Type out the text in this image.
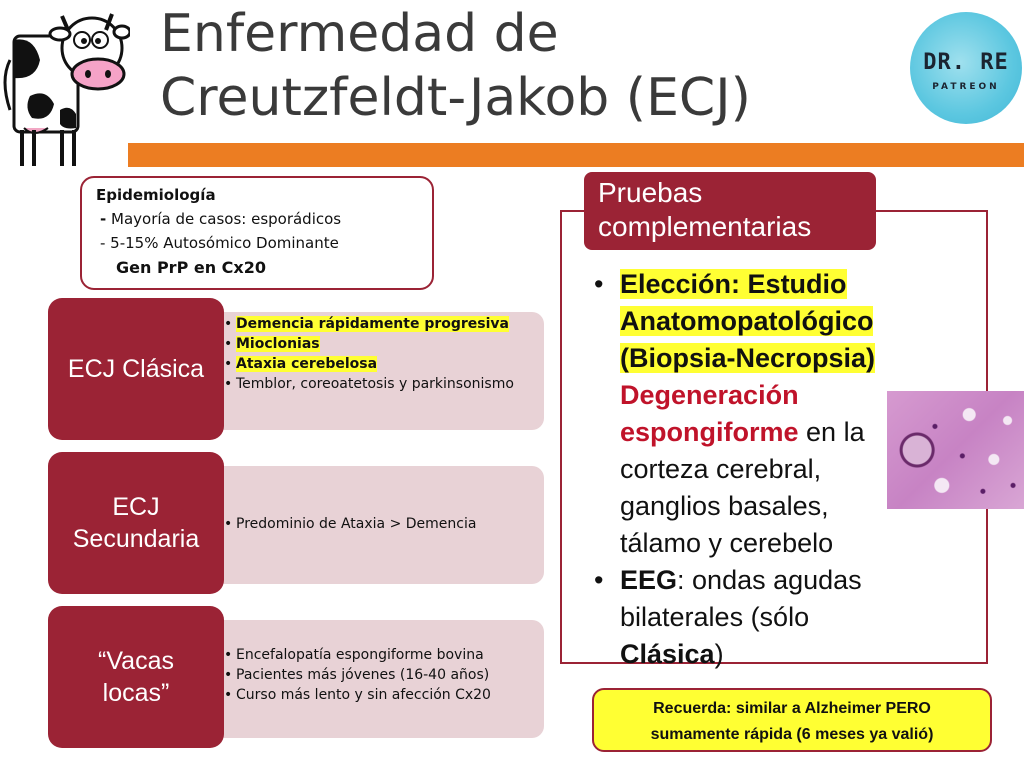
Enfermedad de
Creutzfeldt-Jakob (ECJ)
DR. RE
PATREON
Epidemiología
- Mayoría de casos: esporádicos
- 5-15% Autosómico Dominante
Gen PrP en Cx20
ECJ Clásica
• Demencia rápidamente progresiva
• Mioclonias
• Ataxia cerebelosa
• Temblor, coreoatetosis y parkinsonismo
ECJ
Secundaria
• Predominio de Ataxia > Demencia
“Vacas
locas”
• Encefalopatía espongiforme bovina
• Pacientes más jóvenes (16-40 años)
• Curso más lento y sin afección Cx20
Pruebas complementarias
• Elección: Estudio Anatomopatológico (Biopsia-Necropsia) Degeneración espongiforme en la corteza cerebral, ganglios basales, tálamo y cerebelo
• EEG: ondas agudas bilaterales (sólo Clásica)
Recuerda: similar a Alzheimer PERO
sumamente rápida (6 meses ya valió)
